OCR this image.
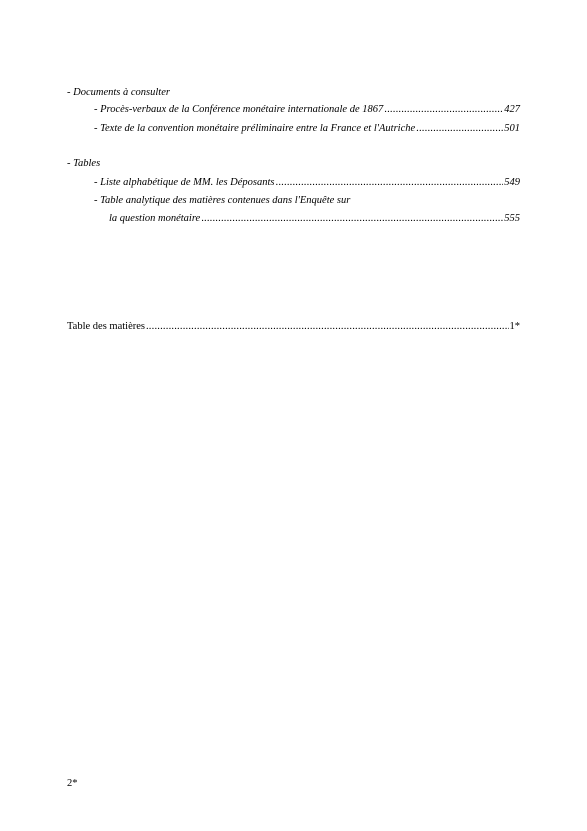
- Documents à consulter
- Procès-verbaux de la Conférence monétaire internationale de 1867 .....	427
- Texte de la convention monétaire préliminaire entre la France et l'Autriche .....	501
- Tables
- Liste alphabétique de MM. les Déposants .....	549
- Table analytique des matières contenues dans l'Enquête sur
la question monétaire .....	555
Table des matières .....	1*
2*
